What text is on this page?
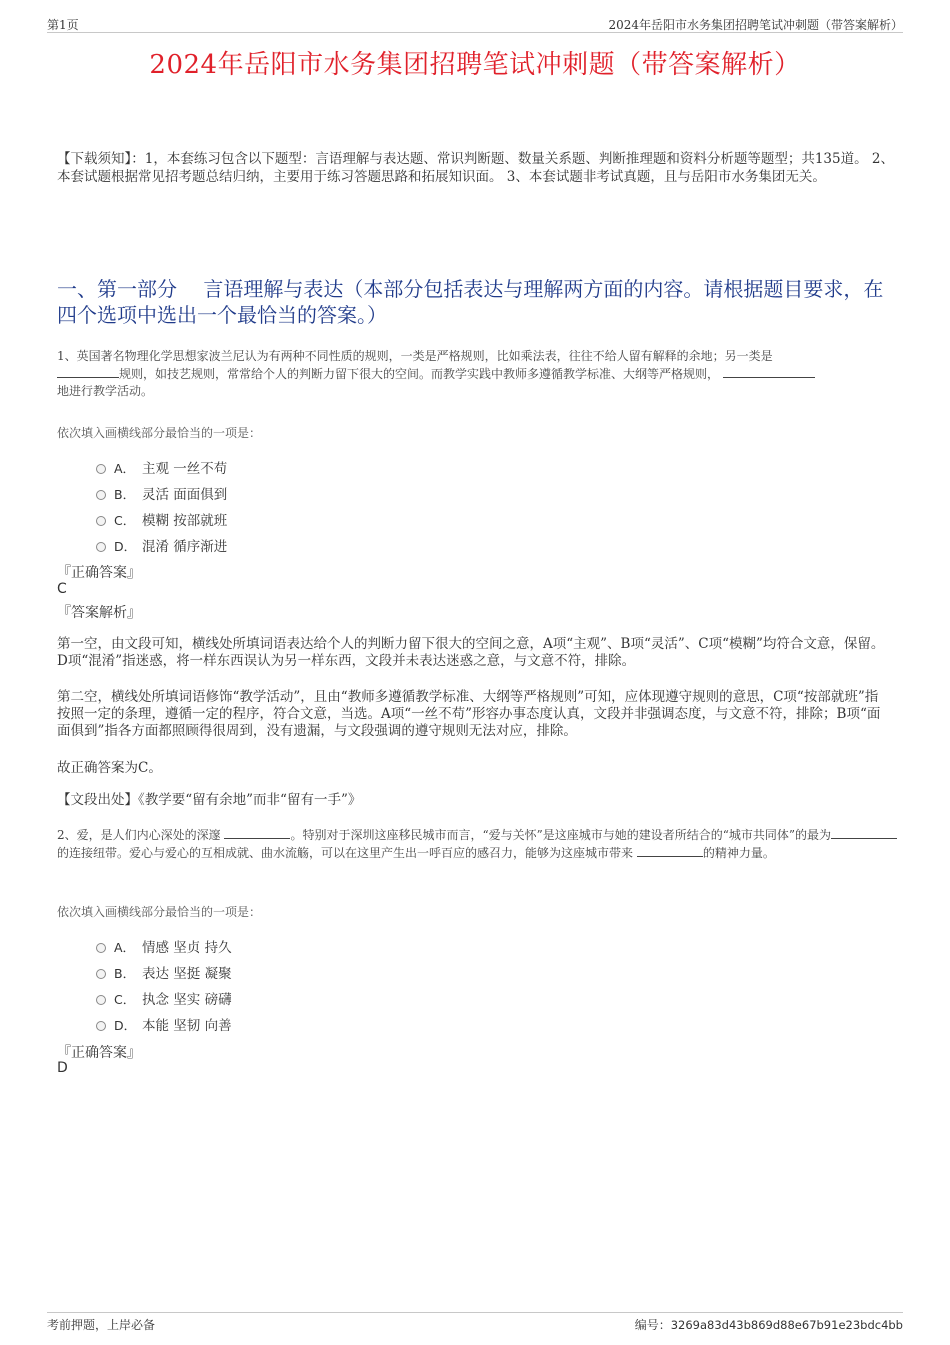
第1页	2024年岳阳市水务集团招聘笔试冲刺题（带答案解析）
2024年岳阳市水务集团招聘笔试冲刺题（带答案解析）
【下载须知】：1，本套练习包含以下题型：言语理解与表达题、常识判断题、数量关系题、判断推理题和资料分析题等题型；共135道。 2、本套试题根据常见招考题总结归纳，主要用于练习答题思路和拓展知识面。 3、本套试题非考试真题，且与岳阳市水务集团无关。
一、第一部分　 言语理解与表达（本部分包括表达与理解两方面的内容。请根据题目要求，在四个选项中选出一个最恰当的答案。）
1、英国著名物理化学思想家波兰尼认为有两种不同性质的规则，一类是严格规则，比如乘法表，往往不给人留有解释的余地；另一类是
规则，如技艺规则，常常给个人的判断力留下很大的空间。而教学实践中教师多遵循教学标准、大纲等严格规则，
地进行教学活动。
依次填入画横线部分最恰当的一项是：
A． 主观 一丝不苟
B． 灵活 面面俱到
C． 模糊 按部就班
D． 混淆 循序渐进
『正确答案』
C
『答案解析』
第一空，由文段可知，横线处所填词语表达给个人的判断力留下很大的空间之意，A项“主观”、B项“灵活”、C项“模糊”均符合文意，保留。D项“混淆”指迷惑，将一样东西误认为另一样东西，文段并未表达迷惑之意，与文意不符，排除。
第二空，横线处所填词语修饰“教学活动”，且由“教师多遵循教学标准、大纲等严格规则”可知，应体现遵守规则的意思，C项“按部就班”指按照一定的条理，遵循一定的程序，符合文意，当选。A项“一丝不苟”形容办事态度认真，文段并非强调态度，与文意不符，排除；B项“面面俱到”指各方面都照顾得很周到，没有遗漏，与文段强调的遵守规则无法对应，排除。
故正确答案为C。
【文段出处】《教学要“留有余地”而非“留有一手”》
2、爱，是人们内心深处的深邃	。特别对于深圳这座移民城市而言，“爱与关怀”是这座城市与她的建设者所结合的“城市共同体”的最为的连接纽带。爱心与爱心的互相成就、曲水流觞，可以在这里产生出一呼百应的感召力，能够为这座城市带来	的精神力量。
依次填入画横线部分最恰当的一项是：
A． 情感 坚贞 持久
B． 表达 坚挺 凝聚
C． 执念 坚实 磅礴
D． 本能 坚韧 向善
『正确答案』
D
考前押题，上岸必备	编号：3269a83d43b869d88e67b91e23bdc4bb
